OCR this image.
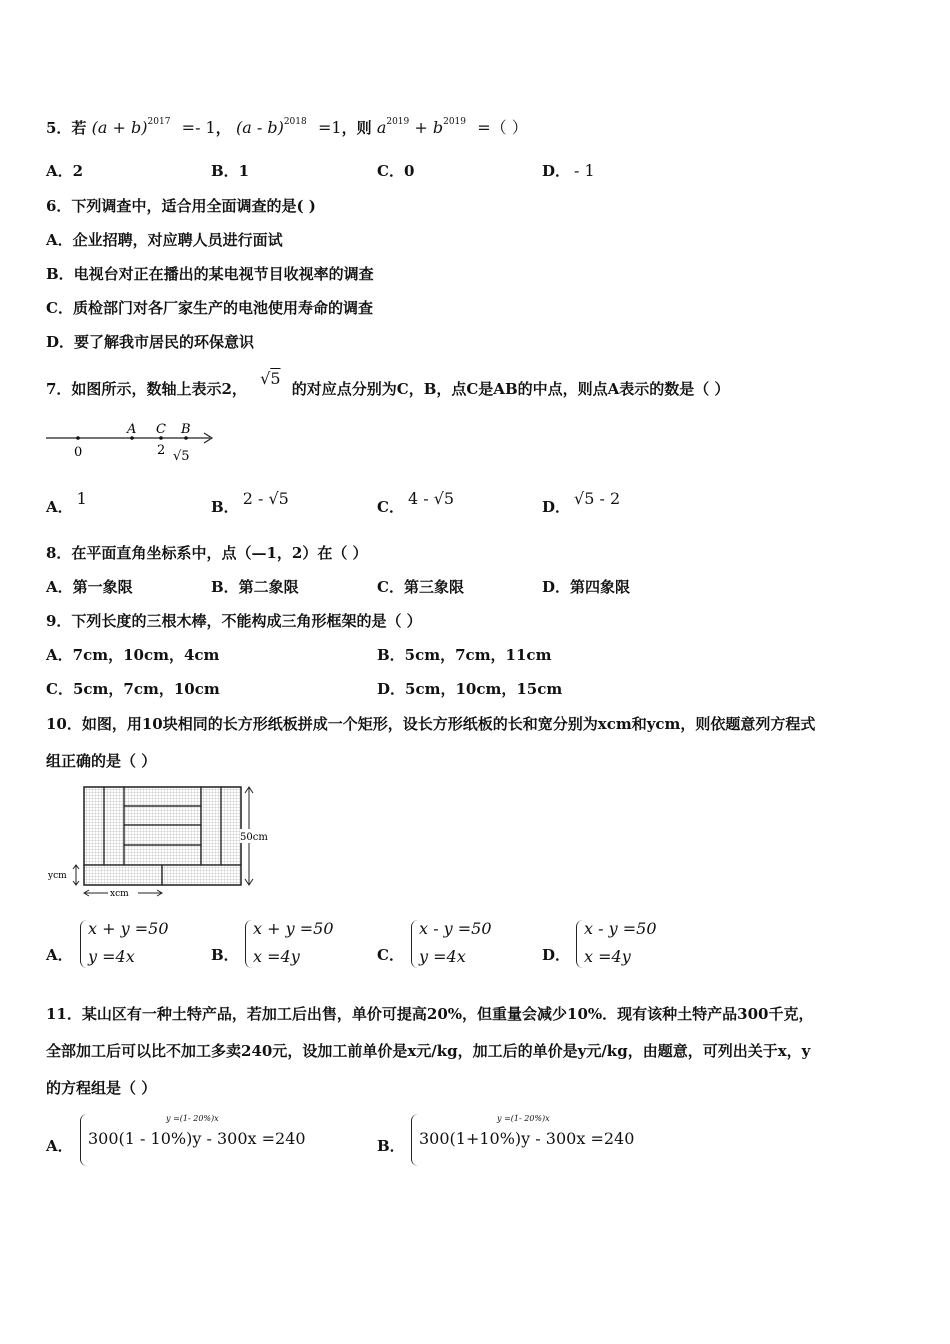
5．若 $(a + b)^{2017} =- 1$， (a - b)$^{2018}$ =1，则 $a^{2019} + b^{2019}$ =（ ）
A．2	B．1	C．0	D． - 1
6．下列调查中，适合用全面调查的是( )
A．企业招聘，对应聘人员进行面试
B．电视台对正在播出的某电视节目收视率的调查
C．质检部门对各厂家生产的电池使用寿命的调查
D．要了解我市居民的环保意识
7．如图所示，数轴上表示2， √5 的对应点分别为C，B，点C是AB的中点，则点A表示的数是（ ）
A C B
0	2 √5
A． 1	B． 2 - √5	C． 4 - √5	D． √5 - 2
8．在平面直角坐标系中，点（—1，2）在（ ）
A．第一象限	B．第二象限	C．第三象限	D．第四象限
9．下列长度的三根木棒，不能构成三角形框架的是（ ）
A．7cm，10cm，4cm	B．5cm，7cm，11cm
C．5cm，7cm，10cm	D．5cm，10cm，15cm
10．如图，用10块相同的长方形纸板拼成一个矩形，设长方形纸板的长和宽分别为xcm和ycm，则依题意列方程式
组正确的是（ ）
50cm
ycm
xcm
A．
x + y =50
y =4x	B．
x + y =50
x =4y	C．
x - y =50
y =4x	D．
x - y =50
x =4y
11．某山区有一种土特产品，若加工后出售，单价可提高20%，但重量会减少10%．现有该种土特产品300千克，
全部加工后可以比不加工多卖240元，设加工前单价是x元/kg，加工后的单价是y元/kg，由题意，可列出关于x，y
的方程组是（ ）
A．
y =(1- 20%)x
300(1 - 10%)y - 300x =240	B．
y =(1- 20%)x
300(1+10%)y - 300x =240
